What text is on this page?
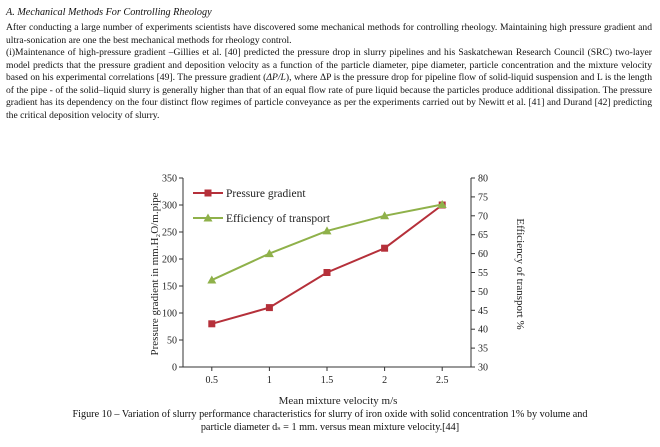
A. Mechanical Methods For Controlling Rheology

After conducting a large number of experiments scientists have discovered some mechanical methods for controlling rheology. Maintaining high pressure gradient and ultra-sonication are one the best mechanical methods for rheology control.

(i)Maintenance of high-pressure gradient –Gillies et al. [40] predicted the pressure drop in slurry pipelines and his Saskatchewan Research Council (SRC) two-layer model predicts that the pressure gradient and deposition velocity as a function of the particle diameter, pipe diameter, particle concentration and the mixture velocity based on his experimental correlations [49]. The pressure gradient (ΔP/L), where ΔP is the pressure drop for pipeline flow of solid-liquid suspension and L is the length of the pipe - of the solid–liquid slurry is generally higher than that of an equal flow rate of pure liquid because the particles produce additional dissipation. The pressure gradient has its dependency on the four distinct flow regimes of particle conveyance as per the experiments carried out by Newitt et al. [41] and Durand [42] predicting the critical deposition velocity of slurry.

0
50
100
150
200
250
300
350
30
35
40
45
50
55
60
65
70
75
80
0.5	1	1.5	2	2.5
Pressure gradient
Efficiency of transport
Mean mixture velocity m/s
Pressure gradient in mm.H₂O/m.pipe	Efficiency of transport %
Figure 10 – Variation of slurry performance characteristics for slurry of iron oxide with solid concentration 1% by volume and
particle diameter dₛ = 1 mm. versus mean mixture velocity.[44]
